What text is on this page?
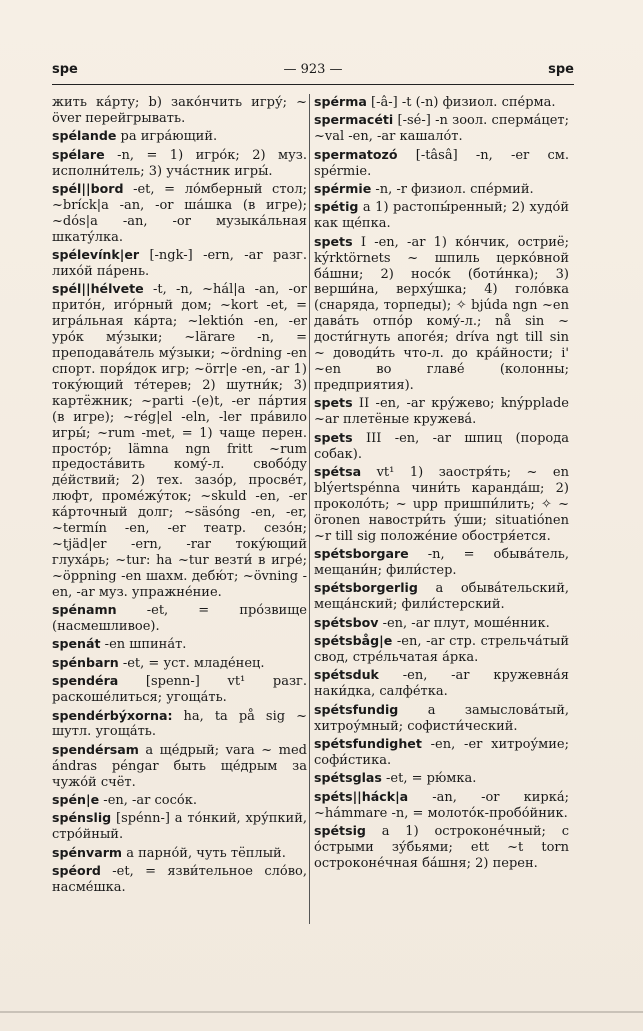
spe	— 923 —	spe

жить ка́рту; b) зако́нчить игру́; ~ över перейгрывать.

spélande pa игра́ющий.

spélare -n, = 1) игро́к; 2) муз. исполни́тель; 3) уча́стник игры́.

spél||bord -et, = ло́мберный стол; ~bríck|a -an, -or ша́шка (в игре); ~dós|a -an, -or музыка́льная шкату́лка.

spélevínk|er [-ngk-] -ern, -ar разг. лихо́й па́рень.

spél||hélvete -t, -n, ~hál|a -an, -or прито́н, иго́рный дом; ~kort -et, = игра́льная ка́рта; ~lektión -en, -er уро́к му́зыки; ~lärare -n, = преподава́тель му́зыки; ~ördning -en спорт. поря́док игр; ~örr|e -en, -ar 1) току́ющий те́терев; 2) шутни́к; 3) картёжник; ~parti -(e)t, -er па́ртия (в игре); ~rég|el -eln, -ler пра́вило игры́; ~rum -met, = 1) чаще перен. просто́р; lämna ngn fritt ~rum предоста́вить кому́-л. свобо́ду де́йствий; 2) тех. зазо́р, просве́т, люфт, проме́жу́ток; ~skuld -en, -er ка́рточный долг; ~säsóng -en, -er, ~termín -en, -er театр. сезо́н; ~tjäd|er -ern, -rar току́ющий глуха́рь; ~tur: ha ~tur везти́ в игре́; ~öppning -en шахм. дебю́т; ~övning -en, -ar муз. упражне́ние.

spénamn -et, = про́звище (насмешливое).

spenát -en шпина́т.

spénbarn -et, = уст. младе́нец.

spendéra [spenn-] vt¹ разг. раскоше́литься; угоща́ть.

spendérbýxorna: ha, ta på sig ~ шутл. угоща́ть.

spendérsam a ще́дрый; vara ~ med ándras péngar быть ще́дрым за чужо́й счёт.

spén|e -en, -ar сосо́к.

spénslig [spénn-] a то́нкий, хру́пкий, стро́йный.

spénvarm a парно́й, чуть тёплый.

spéord -et, = язви́тельное сло́во, насме́шка.

spérma [-â-] -t (-n) физиол. спе́рма.

spermacéti [-sé-] -n зоол. сперма́цет; ~val -en, -ar кашало́т.

spermatozó [-tâsâ] -n, -er см. spérmie.

spérmie -n, -r физиол. спе́рмий.

spétig a 1) растопы́ренный; 2) худо́й как ще́пка.

spets I -en, -ar 1) ко́нчик, остриё; kýrktörnets ~ шпиль церко́вной ба́шни; 2) носо́к (боти́нка); 3) верши́на, верху́шка; 4) голо́вка (снаряда, торпеды); ✧ bjúda ngn ~en дава́ть отпо́р кому́-л.; nå sin ~ дости́гнуть апоге́я; dríva ngt till sin ~ доводи́ть что-л. до кра́йности; i' ~en во главе́ (колонны; предприятия).

spets II -en, -ar кру́жево; knýpplade ~ar плетёные кружева́.

spets III -en, -ar шпиц (порода собак).

spétsa vt¹ 1) заостря́ть; ~ en blýertspénna чини́ть каранда́ш; 2) проколо́ть; ~ upp пришпи́лить; ✧ ~ öronen навостри́ть у́ши; situatiónen ~r till sig положе́ние обостря́ется.

spétsborgare -n, = обыва́тель, мещани́н; фили́стер.

spétsborgerlig a обыва́тельский, меща́нский; фили́стерский.

spétsbov -en, -ar плут, моше́нник.

spétsbåg|e -en, -ar стр. стрельча́тый свод, стре́льчатая а́рка.

spétsduk -en, -ar кружевна́я наки́дка, салфе́тка.

spétsfundig a замыслова́тый, хитроу́мный; софисти́ческий.

spétsfundighet -en, -er хитроу́мие; софи́стика.

spétsglas -et, = рю́мка.

spéts||háck|a -an, -or кирка́; ~hámmare -n, = молото́к-пробо́йник.

spétsig a 1) остроконе́чный; с о́стрыми зу́бьями; ett ~t torn остроконе́чная ба́шня; 2) перен.
